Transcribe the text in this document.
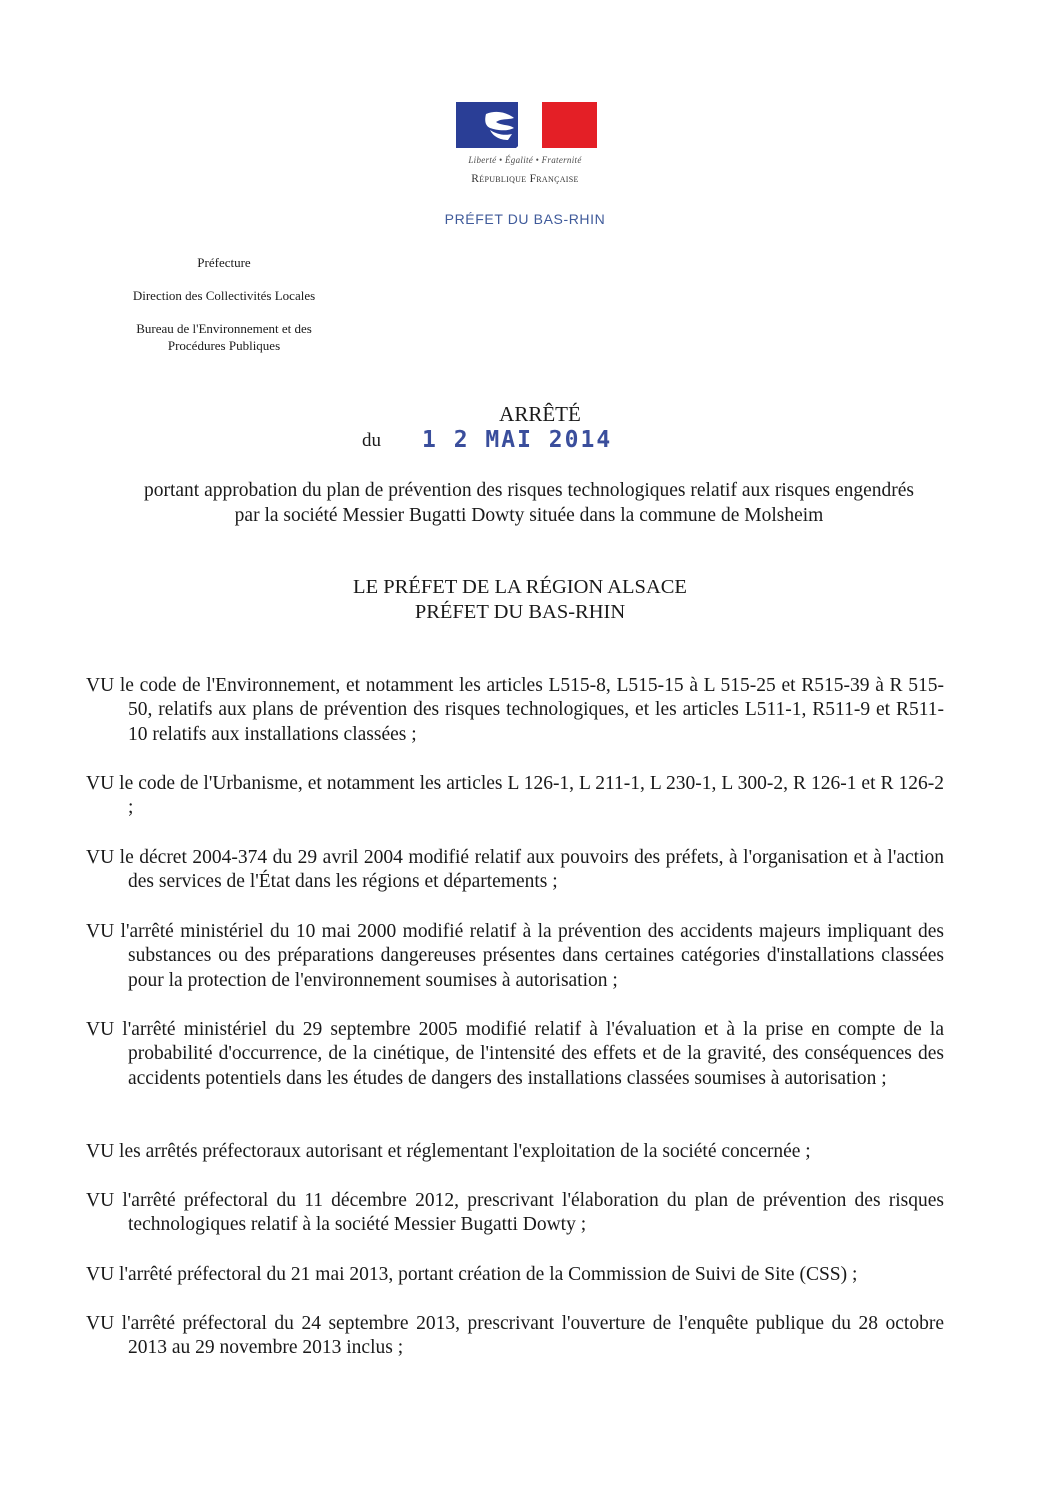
Liberté • Égalité • Fraternité
République Française
PRÉFET DU BAS-RHIN
Préfecture
Direction des Collectivités Locales
Bureau de l'Environnement et des
Procédures Publiques
ARRÊTÉ
du 1 2 MAI 2014
portant approbation du plan de prévention des risques technologiques relatif aux risques engendrés
par la société Messier Bugatti Dowty située dans la commune de Molsheim
LE PRÉFET DE LA RÉGION ALSACE
PRÉFET DU BAS-RHIN
VU le code de l'Environnement, et notamment les articles L515-8, L515-15 à L 515-25 et R515-39 à R 515-50, relatifs aux plans de prévention des risques technologiques, et les articles L511-1, R511-9 et R511-10 relatifs aux installations classées ;
VU le code de l'Urbanisme, et notamment les articles L 126-1, L 211-1, L 230-1, L 300-2, R 126-1 et R 126-2 ;
VU le décret 2004-374 du 29 avril 2004 modifié relatif aux pouvoirs des préfets, à l'organisation et à l'action des services de l'État dans les régions et départements ;
VU l'arrêté ministériel du 10 mai 2000 modifié relatif à la prévention des accidents majeurs impliquant des substances ou des préparations dangereuses présentes dans certaines catégories d'installations classées pour la protection de l'environnement soumises à autorisation ;
VU l'arrêté ministériel du 29 septembre 2005 modifié relatif à l'évaluation et à la prise en compte de la probabilité d'occurrence, de la cinétique, de l'intensité des effets et de la gravité, des conséquences des accidents potentiels dans les études de dangers des installations classées soumises à autorisation ;
VU les arrêtés préfectoraux autorisant et réglementant l'exploitation de la société concernée ;
VU l'arrêté préfectoral du 11 décembre 2012, prescrivant l'élaboration du plan de prévention des risques technologiques relatif à la société Messier Bugatti Dowty ;
VU l'arrêté préfectoral du 21 mai 2013, portant création de la Commission de Suivi de Site (CSS) ;
VU l'arrêté préfectoral du 24 septembre 2013, prescrivant l'ouverture de l'enquête publique du 28 octobre 2013 au 29 novembre 2013 inclus ;
